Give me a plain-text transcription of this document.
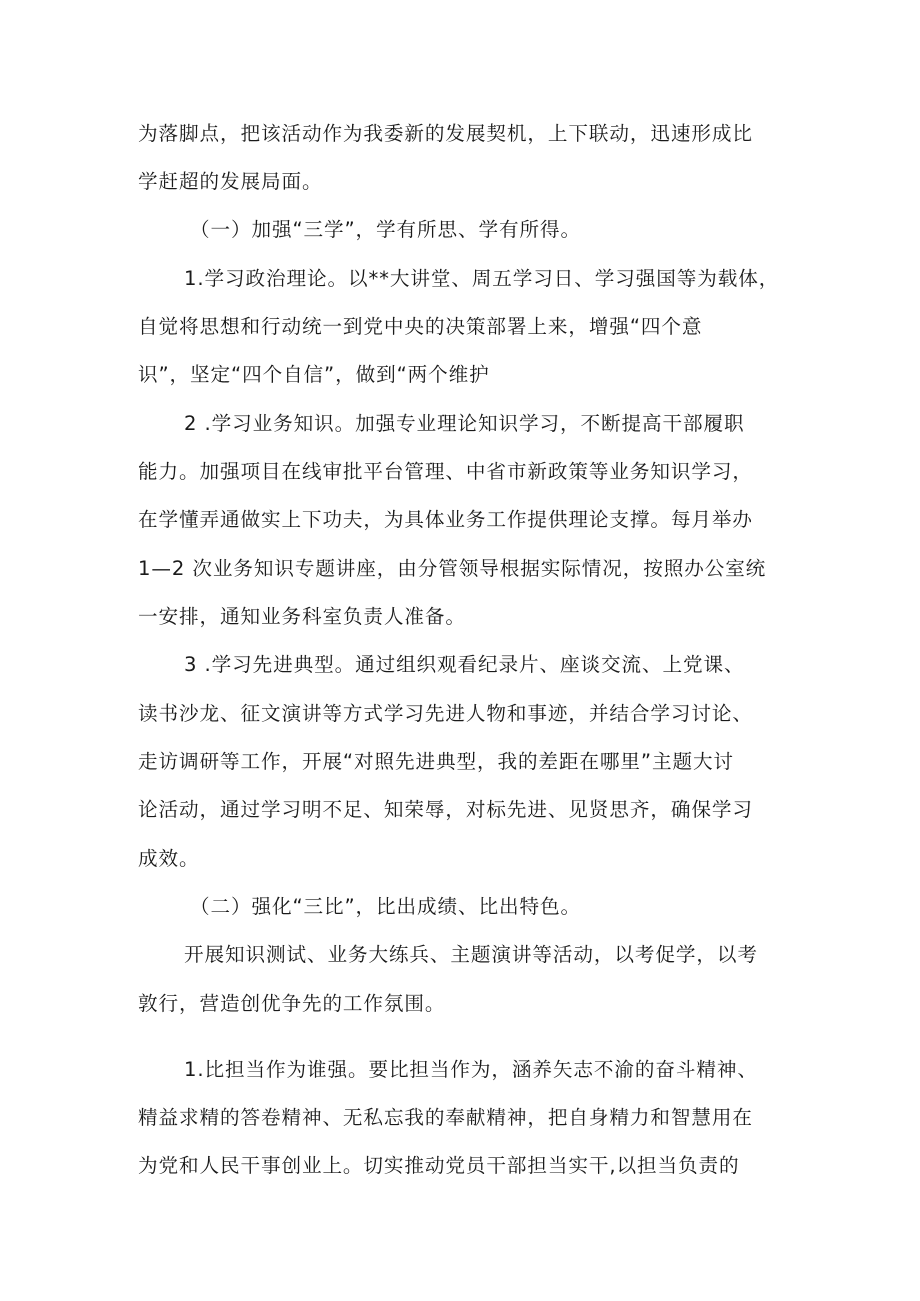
为落脚点，把该活动作为我委新的发展契机，上下联动，迅速形成比
学赶超的发展局面。
（一）加强“三学”，学有所思、学有所得。
1.学习政治理论。以**大讲堂、周五学习日、学习强国等为载体，
自觉将思想和行动统一到党中央的决策部署上来，增强“四个意
识”，坚定“四个自信”，做到“两个维护
2 .学习业务知识。加强专业理论知识学习，不断提高干部履职
能力。加强项目在线审批平台管理、中省市新政策等业务知识学习，
在学懂弄通做实上下功夫，为具体业务工作提供理论支撑。每月举办
1—2 次业务知识专题讲座，由分管领导根据实际情况，按照办公室统
一安排，通知业务科室负责人准备。
3 .学习先进典型。通过组织观看纪录片、座谈交流、上党课、
读书沙龙、征文演讲等方式学习先进人物和事迹，并结合学习讨论、
走访调研等工作，开展“对照先进典型，我的差距在哪里”主题大讨
论活动，通过学习明不足、知荣辱，对标先进、见贤思齐，确保学习
成效。
（二）强化“三比”，比出成绩、比出特色。
开展知识测试、业务大练兵、主题演讲等活动，以考促学，以考
敦行，营造创优争先的工作氛围。
1.比担当作为谁强。要比担当作为，涵养矢志不渝的奋斗精神、
精益求精的答卷精神、无私忘我的奉献精神，把自身精力和智慧用在
为党和人民干事创业上。切实推动党员干部担当实干,以担当负责的
